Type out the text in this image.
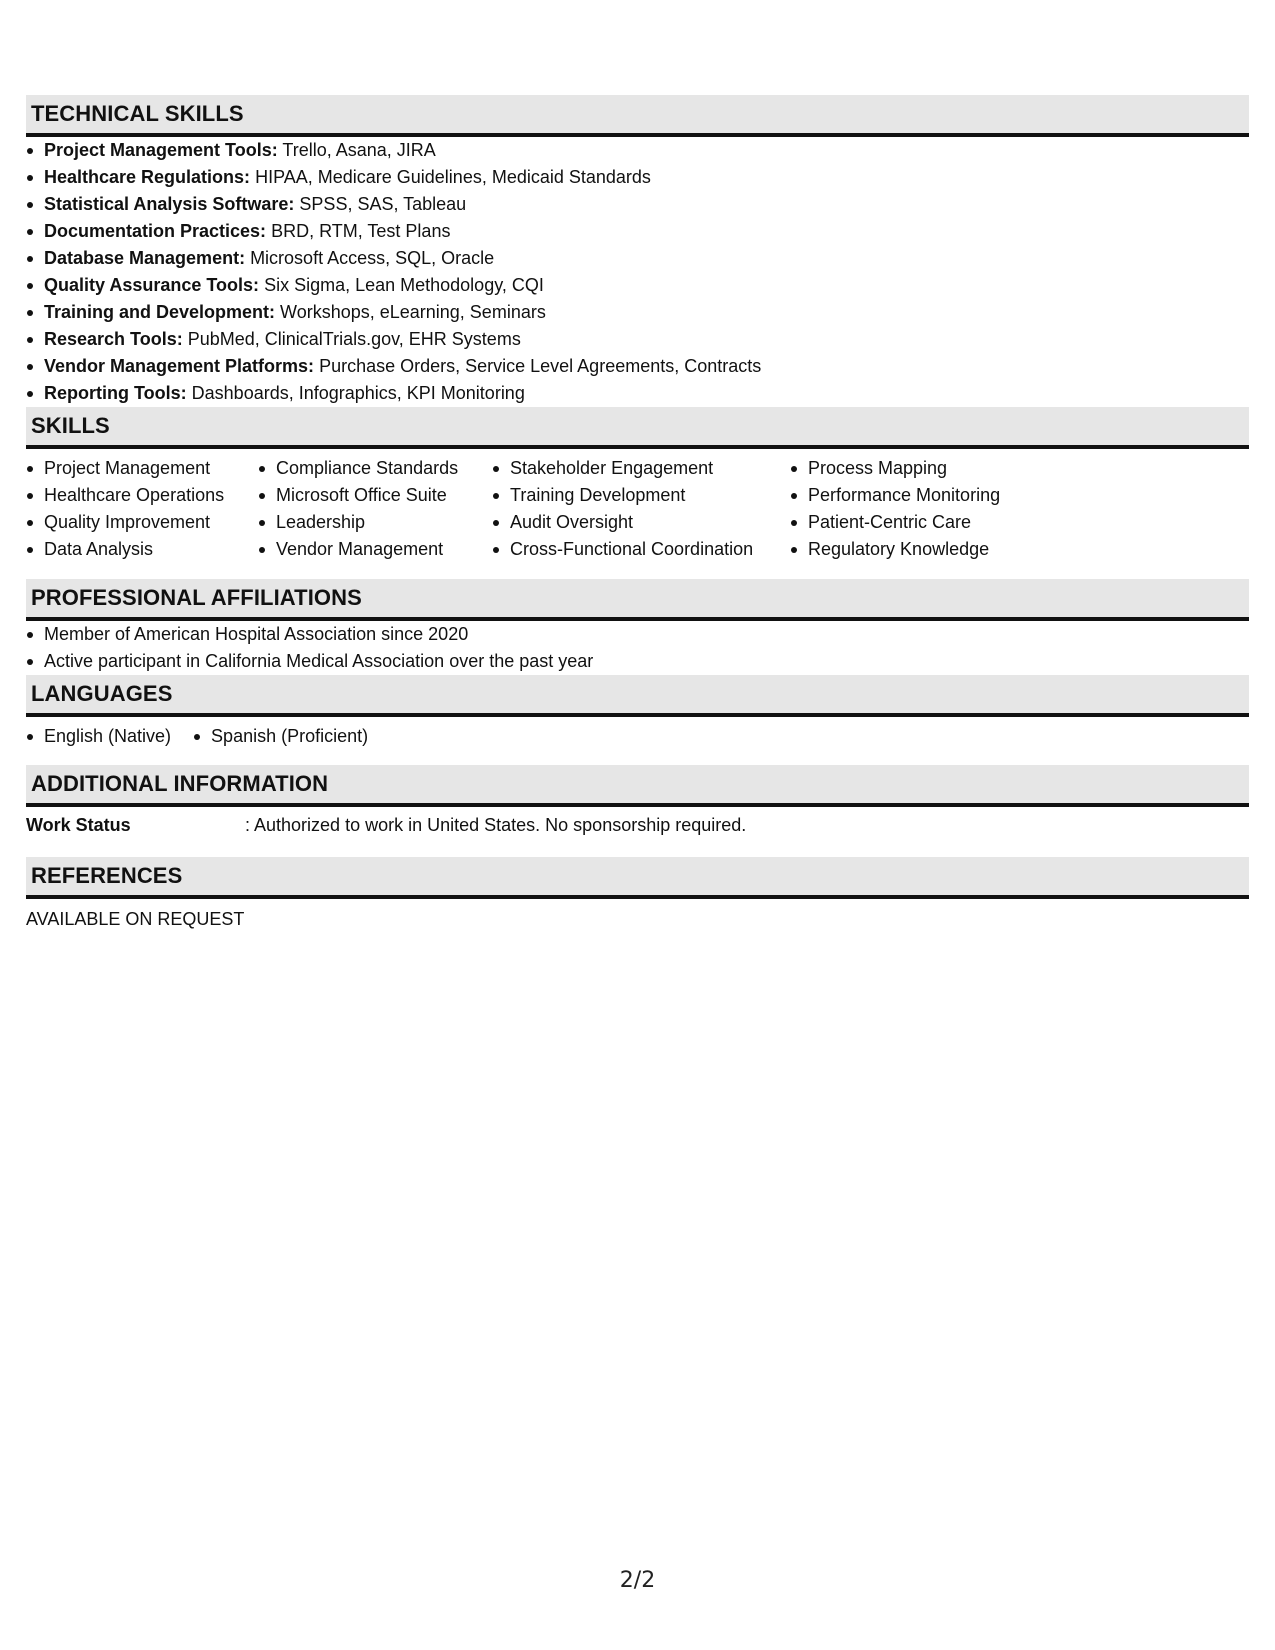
TECHNICAL SKILLS
Project Management Tools: Trello, Asana, JIRA
Healthcare Regulations: HIPAA, Medicare Guidelines, Medicaid Standards
Statistical Analysis Software: SPSS, SAS, Tableau
Documentation Practices: BRD, RTM, Test Plans
Database Management: Microsoft Access, SQL, Oracle
Quality Assurance Tools: Six Sigma, Lean Methodology, CQI
Training and Development: Workshops, eLearning, Seminars
Research Tools: PubMed, ClinicalTrials.gov, EHR Systems
Vendor Management Platforms: Purchase Orders, Service Level Agreements, Contracts
Reporting Tools: Dashboards, Infographics, KPI Monitoring
SKILLS
Project Management
Healthcare Operations
Quality Improvement
Data Analysis
Compliance Standards
Microsoft Office Suite
Leadership
Vendor Management
Stakeholder Engagement
Training Development
Audit Oversight
Cross-Functional Coordination
Process Mapping
Performance Monitoring
Patient-Centric Care
Regulatory Knowledge
PROFESSIONAL AFFILIATIONS
Member of American Hospital Association since 2020
Active participant in California Medical Association over the past year
LANGUAGES
English (Native)	Spanish (Proficient)
ADDITIONAL INFORMATION
Work Status	: Authorized to work in United States. No sponsorship required.
REFERENCES
AVAILABLE ON REQUEST
2/2
